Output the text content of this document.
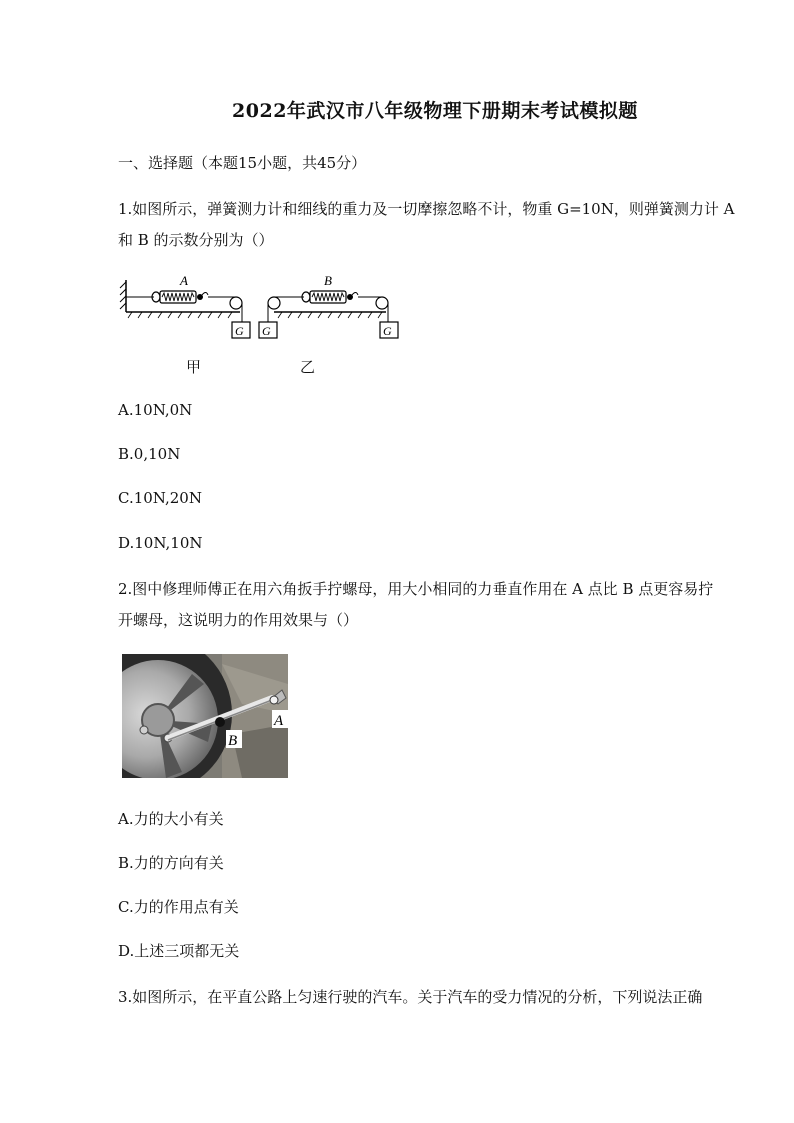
2022年武汉市八年级物理下册期末考试模拟题
一、选择题（本题15小题，共45分）
1.如图所示，弹簧测力计和细线的重力及一切摩擦忽略不计，物重 G=10N，则弹簧测力计 A
和 B 的示数分别为（）
A
G G	G
B
甲	乙
A.10N,0N
B.0,10N
C.10N,20N
D.10N,10N
2.图中修理师傅正在用六角扳手拧螺母，用大小相同的力垂直作用在 A 点比 B 点更容易拧
开螺母，这说明力的作用效果与（）
B
A
A.力的大小有关
B.力的方向有关
C.力的作用点有关
D.上述三项都无关
3.如图所示，在平直公路上匀速行驶的汽车。关于汽车的受力情况的分析，下列说法正确
